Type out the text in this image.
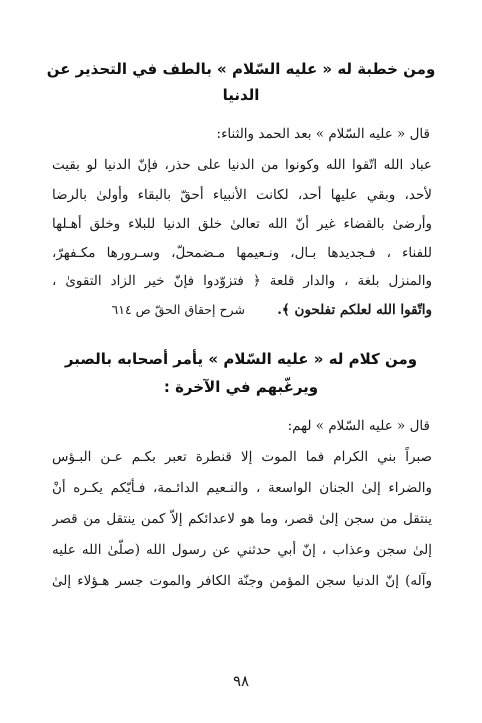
ومن خطبة له « عليه السّلام » بالطف في التحذير عن الدنيا
قال « عليه السّلام » بعد الحمد والثناء:
عباد الله اتّقوا الله وكونوا من الدنيا على حذر، فإنّ الدنيا لو بقيت
لأحد، وبقي عليها أحد، لكانت الأنبياء أحقّ بالبقاء وأولىٰ بالرضا
وأرضىٰ بالقضاء غير أنّ الله تعالىٰ خلق الدنيا للبلاء وخلق أهـلها
للفناء ، فـجديدها بـال، ونـعيمها مـضمحلّ، وسـرورها مكـفهرّ،
والمنزل بلغة ، والدار قلعة ﴿ فتزوّدوا فإنّ خير الزاد التقوىٰ ،
واتّقوا الله لعلكم تفلحون ﴾. شرح إحقاق الحقّ ص ٦١٤
ومن كلام له « عليه السّلام » يأمر أصحابه بالصبر
ويرغّبهم في الآخرة :
قال « عليه السّلام » لهم:
صبراً بني الكرام فما الموت إلا قنطرة تعبر بكـم عـن البـؤس
والضراء إلىٰ الجنان الواسعة ، والنـعيم الدائـمة، فـأيّكم يكـره أنْ
ينتقل من سجن إلىٰ قصر، وما هو لاعدائكم إلاّ كمن ينتقل من قصر
إلىٰ سجن وعذاب ، إنّ أبي حدثني عن رسول الله (صلّىٰ الله عليه
وآله) إنّ الدنيا سجن المؤمن وجنّة الكافر والموت جسر هـؤلاء إلىٰ
٩٨
